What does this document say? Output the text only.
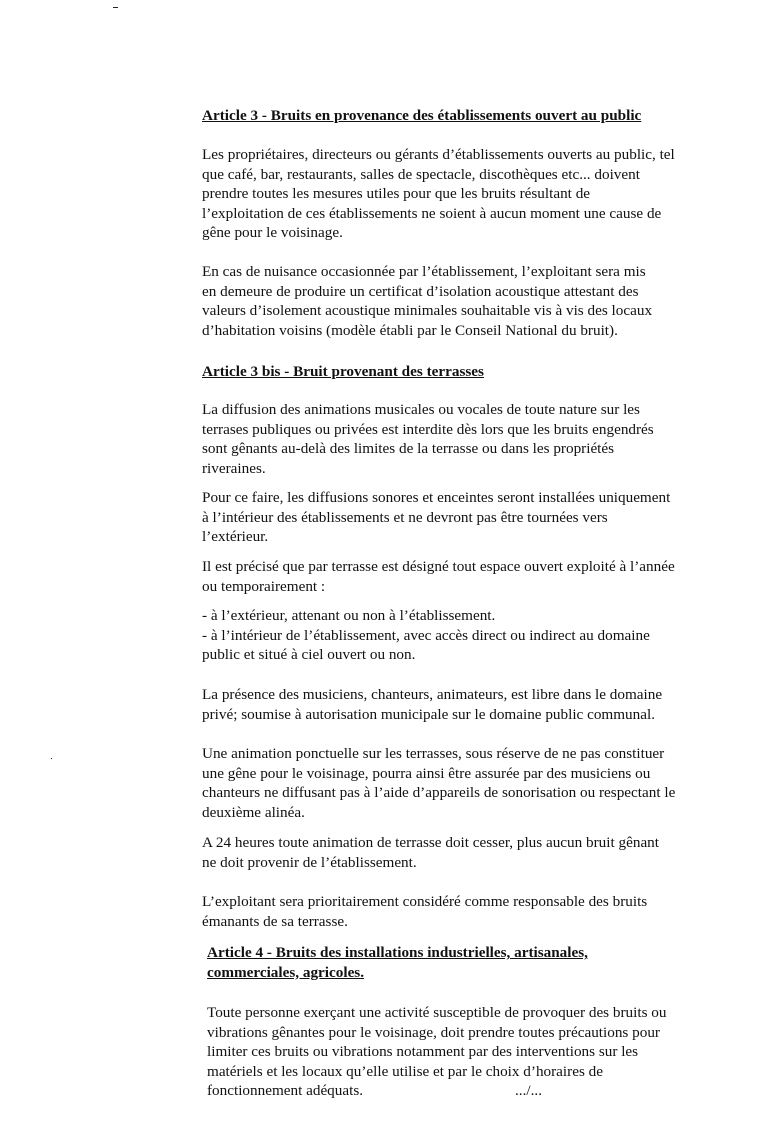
Article 3 - Bruits en provenance des établissements ouvert au public
Les propriétaires, directeurs ou gérants d’établissements ouverts au public, tel
que café, bar, restaurants, salles de spectacle, discothèques etc... doivent
prendre toutes les mesures utiles pour que les bruits résultant de
l’exploitation de ces établissements ne soient à aucun moment une cause de
gêne pour le voisinage.
En cas de nuisance occasionnée par l’établissement, l’exploitant sera mis
en demeure de produire un certificat d’isolation acoustique attestant des
valeurs d’isolement acoustique minimales souhaitable vis à vis des locaux
d’habitation voisins (modèle établi par le Conseil National du bruit).
Article 3 bis - Bruit provenant des terrasses
La diffusion des animations musicales ou vocales de toute nature sur les
terrases publiques ou privées est interdite dès lors que les bruits engendrés
sont gênants au-delà des limites de la terrasse ou dans les propriétés
riveraines.
Pour ce faire, les diffusions sonores et enceintes seront installées uniquement
à l’intérieur des établissements et ne devront pas être tournées vers
l’extérieur.
Il est précisé que par terrasse est désigné tout espace ouvert exploité à l’année
ou temporairement :
- à l’extérieur, attenant ou non à l’établissement.
- à l’intérieur de l’établissement, avec accès direct ou indirect au domaine
public et situé à ciel ouvert ou non.
La présence des musiciens, chanteurs, animateurs, est libre dans le domaine
privé; soumise à autorisation municipale sur le domaine public communal.
Une animation ponctuelle sur les terrasses, sous réserve de ne pas constituer
une gêne pour le voisinage, pourra ainsi être assurée par des musiciens ou
chanteurs ne diffusant pas à l’aide d’appareils de sonorisation ou respectant le
deuxième alinéa.
A 24 heures toute animation de terrasse doit cesser, plus aucun bruit gênant
ne doit provenir de l’établissement.
L’exploitant sera prioritairement considéré comme responsable des bruits
émanants de sa terrasse.
Article 4 - Bruits des installations industrielles, artisanales,
commerciales, agricoles.
Toute personne exerçant une activité susceptible de provoquer des bruits ou
vibrations gênantes pour le voisinage, doit prendre toutes précautions pour
limiter ces bruits ou vibrations notamment par des interventions sur les
matériels et les locaux qu’elle utilise et par le choix d’horaires de
fonctionnement adéquats.	.../...
